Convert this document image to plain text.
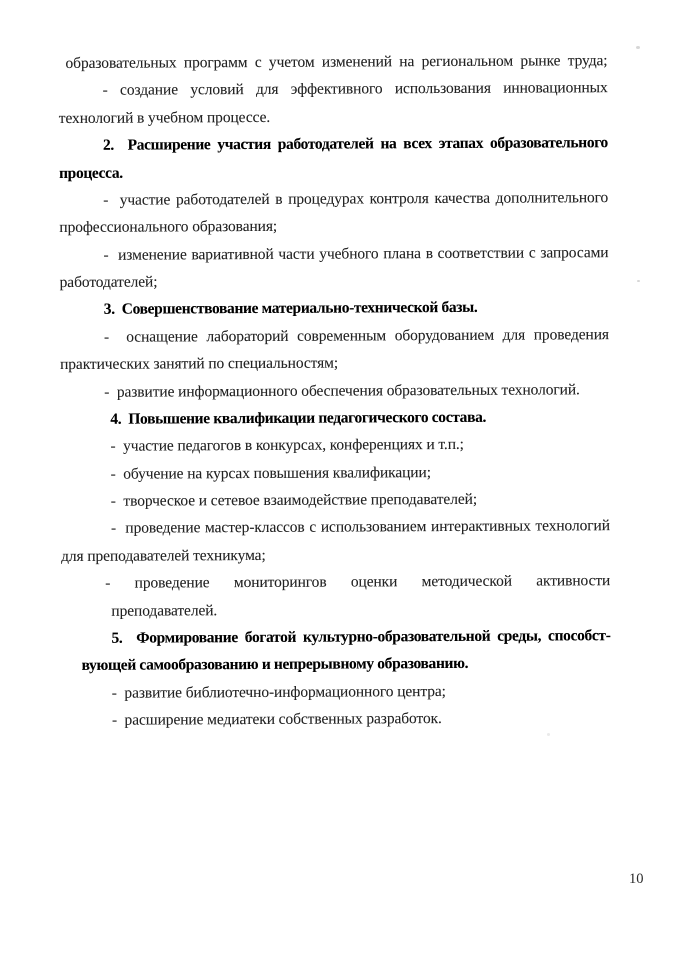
образовательных программ с учетом изменений на региональном рынке труда;

- создание условий для эффективного использования инновационных

технологий в учебном процессе.

2.  Расширение участия работодателей на всех этапах образовательного

процесса.

-  участие работодателей в процедурах контроля качества дополнительного

профессионального образования;

-  изменение вариативной части учебного плана в соответствии с запросами

работодателей;

3.  Совершенствование материально-технической базы.

-  оснащение лабораторий современным оборудованием для проведения

практических занятий по специальностям;

-  развитие информационного обеспечения образовательных технологий.

4.  Повышение квалификации педагогического состава.

-  участие педагогов в конкурсах, конференциях и т.п.;

-  обучение на курсах повышения квалификации;

-  творческое и сетевое взаимодействие преподавателей;

-  проведение мастер-классов с использованием интерактивных технологий

для преподавателей техникума;

- проведение мониторингов оценки методической активности

преподавателей.

5.  Формирование богатой культурно-образовательной среды, способст-

вующей самообразованию и непрерывному образованию.

-  развитие библиотечно-информационного центра;

-  расширение медиатеки собственных разработок.

10
